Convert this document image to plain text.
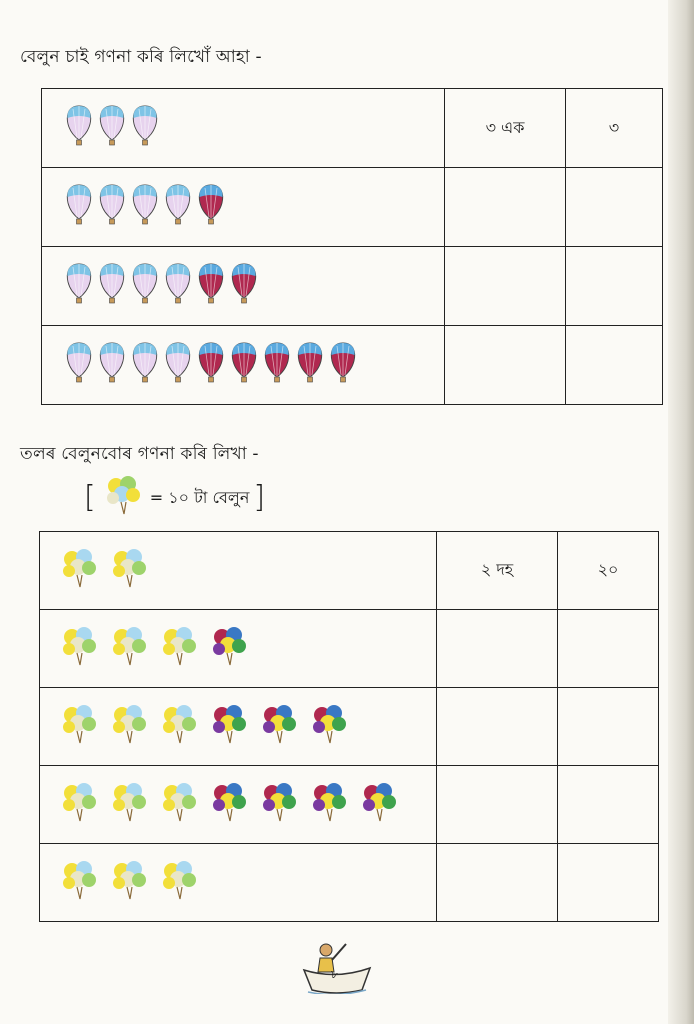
বেলুন চাই গণনা কৰি লিখোঁ আহা -
	৩ এক	৩

তলৰ বেলুনবোৰ গণনা কৰি লিখা -
[	= ১০ টা বেলুন ]
	২ দহ	২০

৮
